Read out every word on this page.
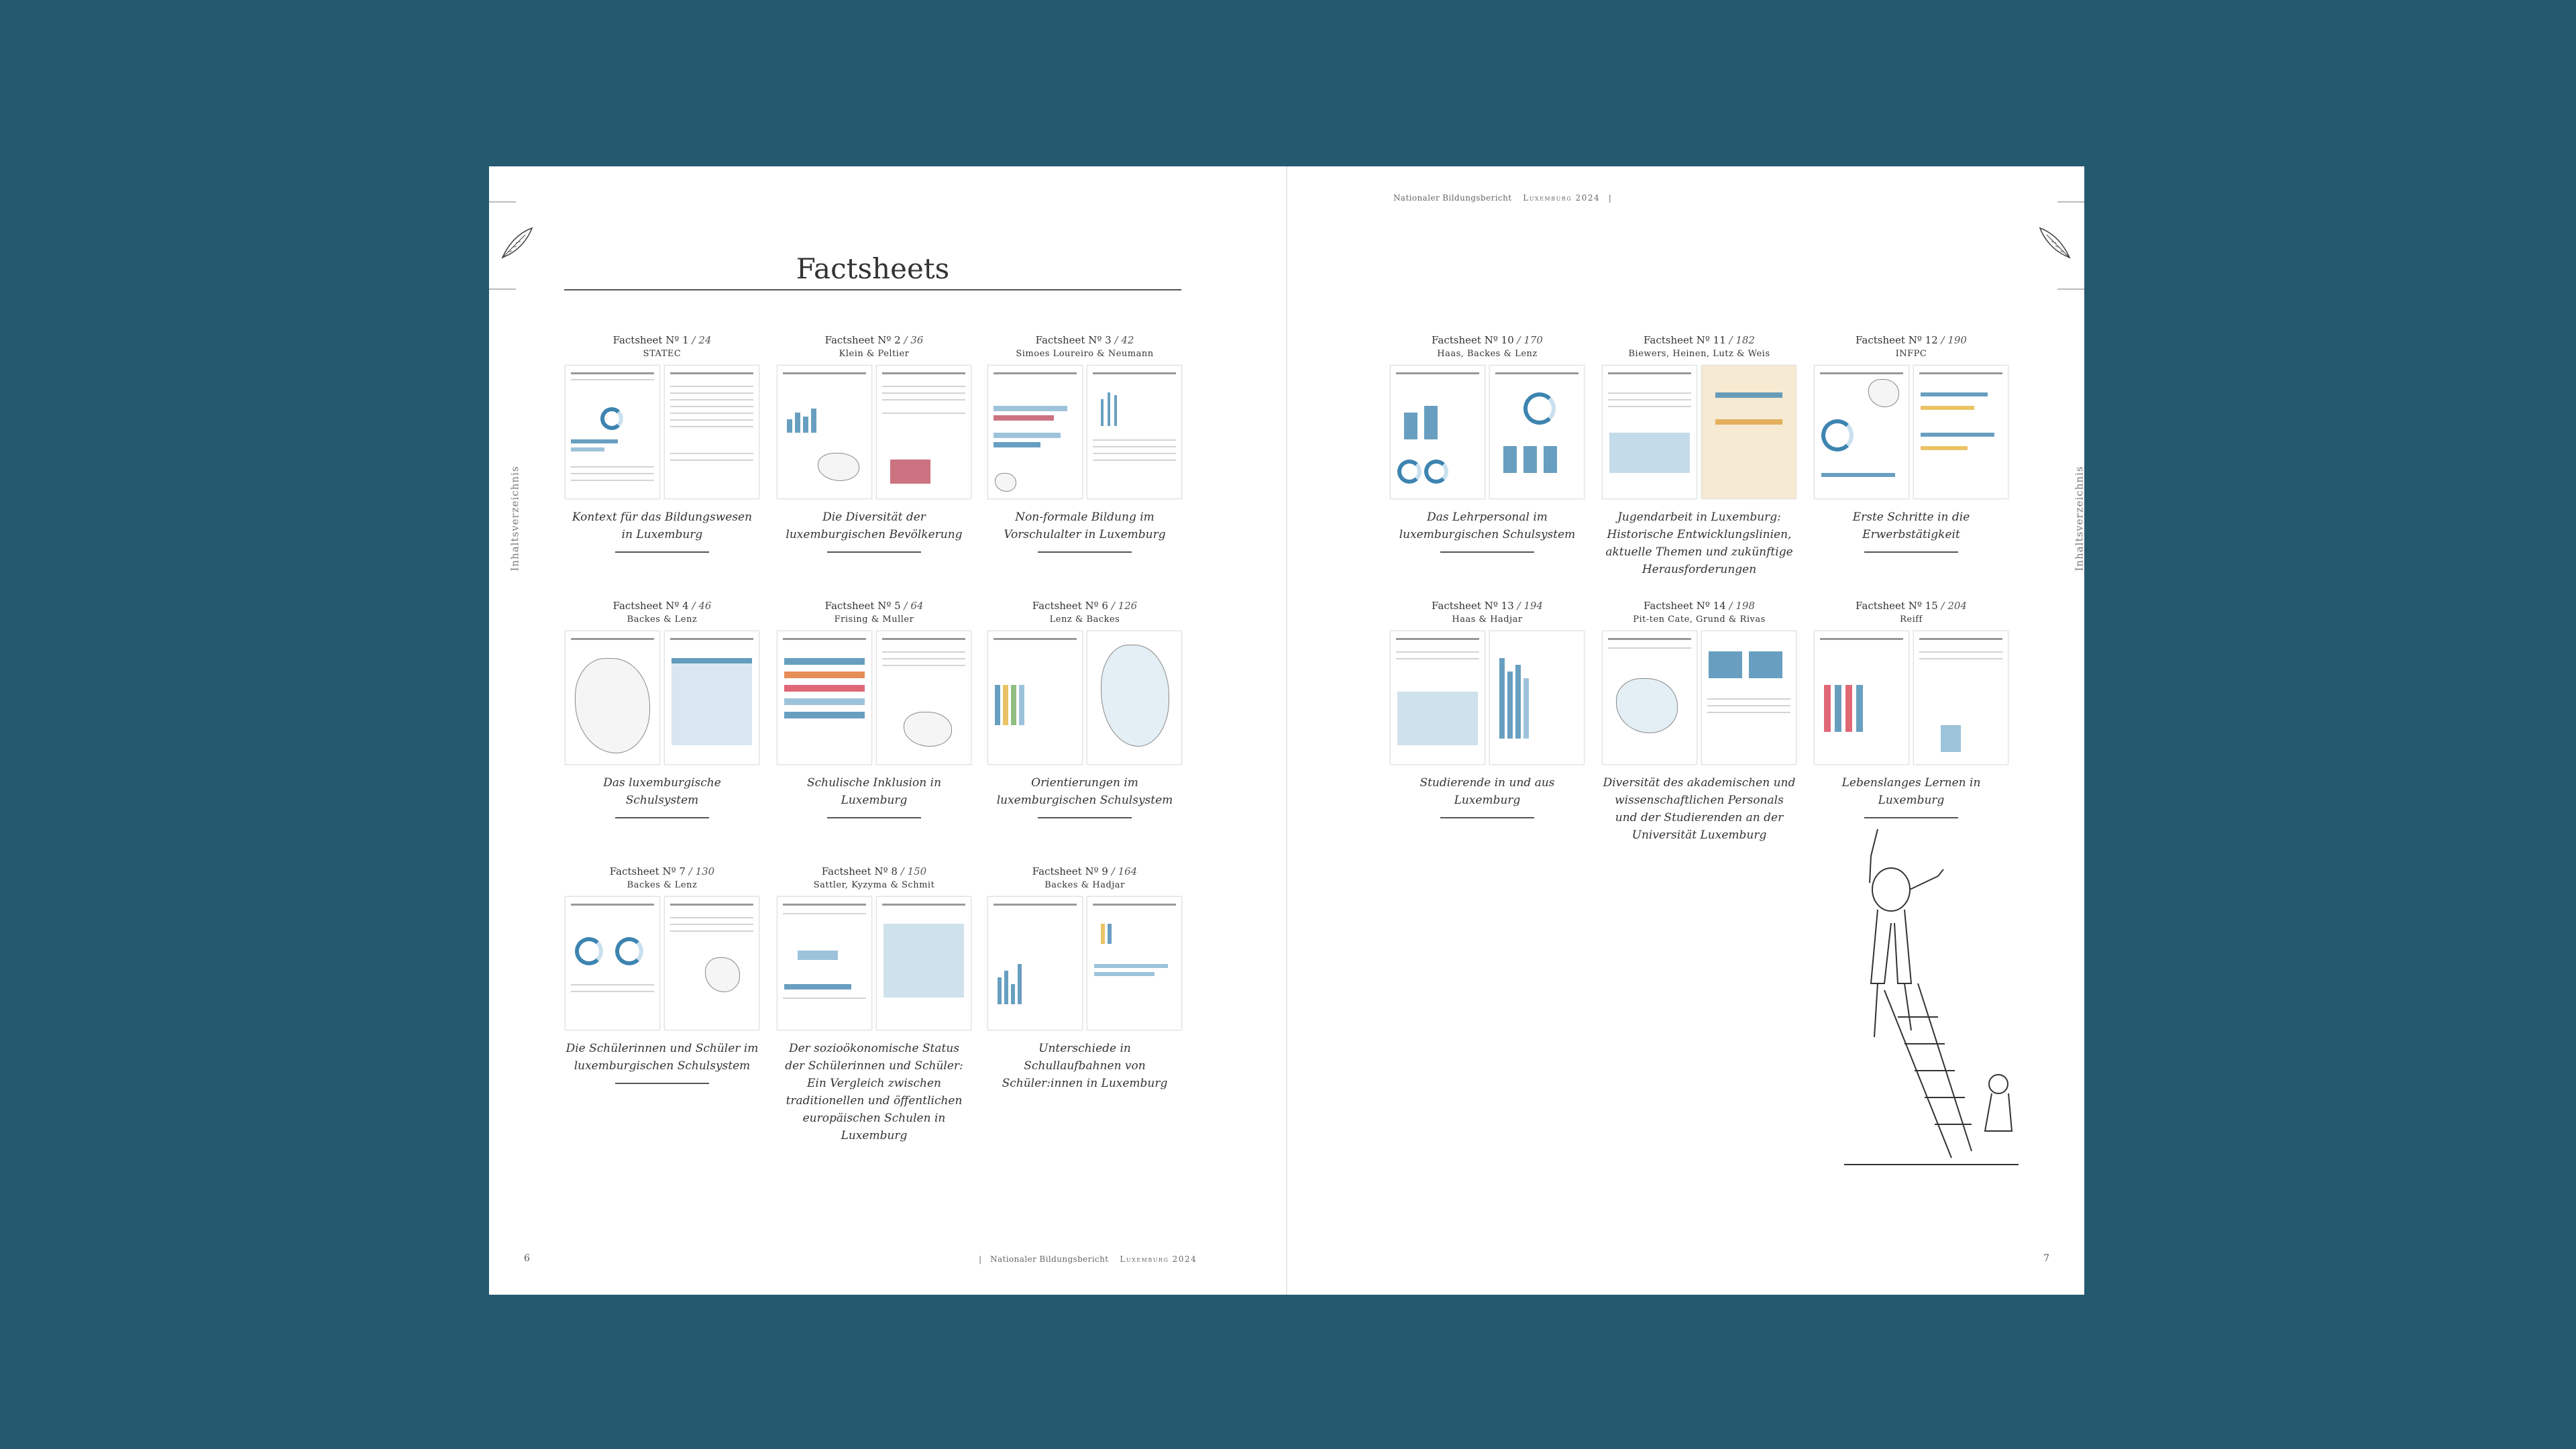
Inhaltsverzeichnis
Factsheets
Factsheet Nº 1 / 24
STATEC
Kontext für das Bildungswesen in Luxemburg
Factsheet Nº 2 / 36
Klein & Peltier
Die Diversität der luxemburgischen Bevölkerung
Factsheet Nº 3 / 42
Simoes Loureiro & Neumann
Non-formale Bildung im Vorschulalter in Luxemburg
Factsheet Nº 4 / 46
Backes & Lenz
Das luxemburgische Schulsystem
Factsheet Nº 5 / 64
Frising & Muller
Schulische Inklusion in Luxemburg
Factsheet Nº 6 / 126
Lenz & Backes
Orientierungen im luxemburgischen Schulsystem
Factsheet Nº 7 / 130
Backes & Lenz
Die Schülerinnen und Schüler im luxemburgischen Schulsystem
Factsheet Nº 8 / 150
Sattler, Kyzyma & Schmit
Der sozioökonomische Status der Schülerinnen und Schüler: Ein Vergleich zwischen traditionellen und öffentlichen europäischen Schulen in Luxemburg
Factsheet Nº 9 / 164
Backes & Hadjar
Unterschiede in Schullaufbahnen von Schüler:innen in Luxemburg
6	| Nationaler Bildungsbericht Luxemburg 2024
Nationaler Bildungsbericht Luxemburg 2024 |
Inhaltsverzeichnis
Factsheet Nº 10 / 170
Haas, Backes & Lenz
Das Lehrpersonal im luxemburgischen Schulsystem
Factsheet Nº 11 / 182
Biewers, Heinen, Lutz & Weis
Jugendarbeit in Luxemburg: Historische Entwicklungslinien, aktuelle Themen und zukünftige Herausforderungen
Factsheet Nº 12 / 190
INFPC
Erste Schritte in die Erwerbstätigkeit
Factsheet Nº 13 / 194
Haas & Hadjar
Studierende in und aus Luxemburg
Factsheet Nº 14 / 198
Pit-ten Cate, Grund & Rivas
Diversität des akademischen und wissenschaftlichen Personals und der Studierenden an der Universität Luxemburg
Factsheet Nº 15 / 204
Reiff
Lebenslanges Lernen in Luxemburg
7
